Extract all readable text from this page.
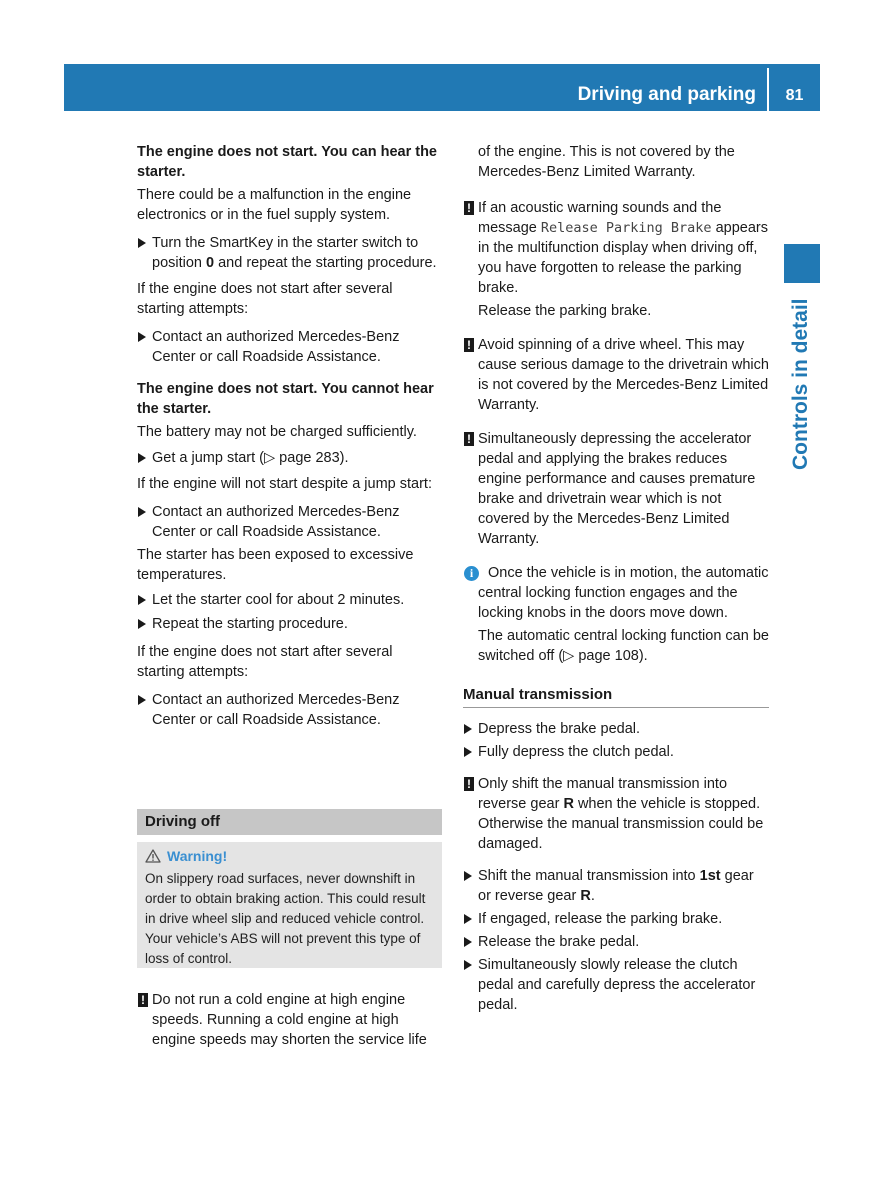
Driving and parking	81
Controls in detail

The engine does not start. You can hear the starter.

There could be a malfunction in the engine electronics or in the fuel supply system.

Turn the SmartKey in the starter switch to position 0 and repeat the starting procedure.

If the engine does not start after several starting attempts:

Contact an authorized Mercedes-Benz Center or call Roadside Assistance.

The engine does not start. You cannot hear the starter.

The battery may not be charged sufficiently.

Get a jump start (▷ page 283).

If the engine will not start despite a jump start:

Contact an authorized Mercedes-Benz Center or call Roadside Assistance.

The starter has been exposed to excessive temperatures.

Let the starter cool for about 2 minutes.
Repeat the starting procedure.

If the engine does not start after several starting attempts:

Contact an authorized Mercedes-Benz Center or call Roadside Assistance.
Driving off
Warning!
On slippery road surfaces, never downshift in order to obtain braking action. This could result in drive wheel slip and reduced vehicle control. Your vehicle’s ABS will not prevent this type of loss of control.
! Do not run a cold engine at high engine speeds. Running a cold engine at high engine speeds may shorten the service life

of the engine. This is not covered by the Mercedes-Benz Limited Warranty.

! If an acoustic warning sounds and the message Release Parking Brake appears in the multifunction display when driving off, you have forgotten to release the parking brake.

Release the parking brake.

! Avoid spinning of a drive wheel. This may cause serious damage to the drivetrain which is not covered by the Mercedes-Benz Limited Warranty.
! Simultaneously depressing the accelerator pedal and applying the brakes reduces engine performance and causes premature brake and drivetrain wear which is not covered by the Mercedes-Benz Limited Warranty.
i	Once the vehicle is in motion, the automatic central locking function engages and the locking knobs in the doors move down.

The automatic central locking function can be switched off (▷ page 108).

Manual transmission
Depress the brake pedal.
Fully depress the clutch pedal.
! Only shift the manual transmission into reverse gear R when the vehicle is stopped. Otherwise the manual transmission could be damaged.
Shift the manual transmission into 1st gear or reverse gear R.
If engaged, release the parking brake.
Release the brake pedal.
Simultaneously slowly release the clutch pedal and carefully depress the accelerator pedal.
